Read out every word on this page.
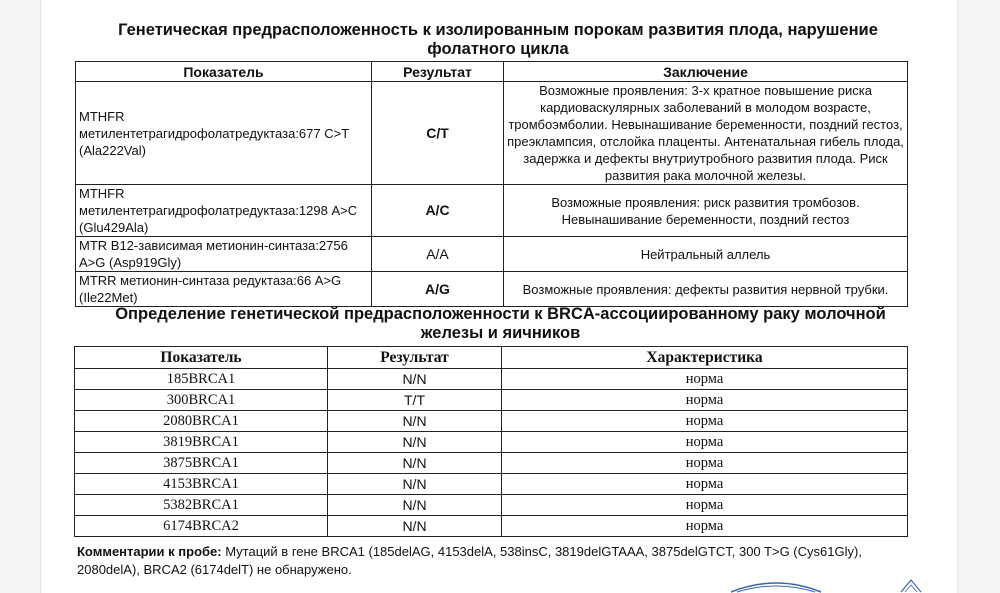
Генетическая предрасположенность к изолированным порокам развития плода, нарушение фолатного цикла
Показатель	Результат	Заключение
MTHFR метилентетрагидрофолатредуктаза:677 C>T (Ala222Val)	C/T	Возможные проявления: 3-х кратное повышение риска кардиоваскулярных заболеваний в молодом возрасте, тромбоэмболии. Невынашивание беременности, поздний гестоз, преэклампсия, отслойка плаценты. Антенатальная гибель плода, задержка и дефекты внутриутробного развития плода. Риск развития рака молочной железы.
MTHFR метилентетрагидрофолатредуктаза:1298 A>C (Glu429Ala)	A/C	Возможные проявления: риск развития тромбозов. Невынашивание беременности, поздний гестоз
MTR B12-зависимая метионин-синтаза:2756 A>G (Asp919Gly)	A/A	Нейтральный аллель
MTRR метионин-синтаза редуктаза:66 A>G (Ile22Met)	A/G	Возможные проявления: дефекты развития нервной трубки.
Определение генетической предрасположенности к BRCA-ассоциированному раку молочной железы и яичников
Показатель	Результат	Характеристика
185BRCA1	N/N	норма
300BRCA1	T/T	норма
2080BRCA1	N/N	норма
3819BRCA1	N/N	норма
3875BRCA1	N/N	норма
4153BRCA1	N/N	норма
5382BRCA1	N/N	норма
6174BRCA2	N/N	норма
Комментарии к пробе: Мутаций в гене BRCA1 (185delAG, 4153delA, 538insC, 3819delGTAAA, 3875delGTCT, 300 T>G (Cys61Gly), 2080delA), BRCA2 (6174delT) не обнаружено.
